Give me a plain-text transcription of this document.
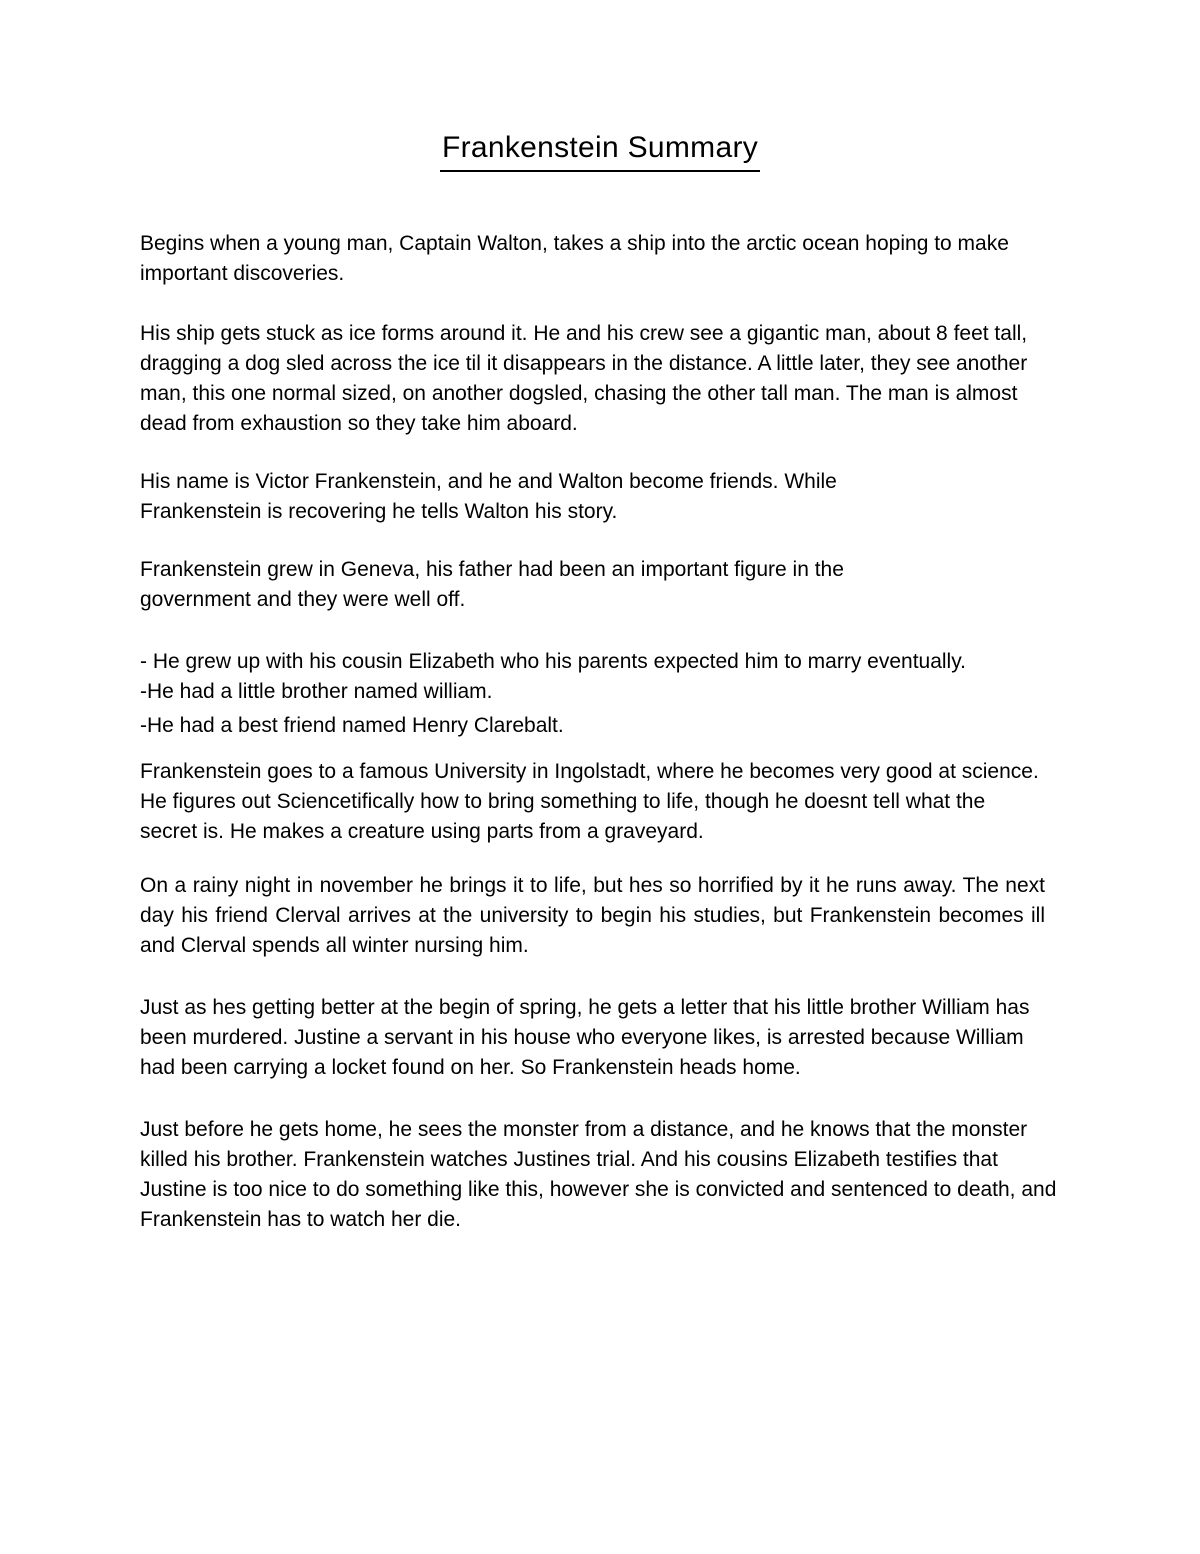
Frankenstein Summary

Begins when a young man, Captain Walton, takes a ship into the arctic ocean hoping to make important discoveries.

His ship gets stuck as ice forms around it. He and his crew see a gigantic man, about 8 feet tall, dragging a dog sled across the ice til it disappears in the distance. A little later, they see another man, this one normal sized, on another dogsled, chasing the other tall man. The man is almost dead from exhaustion so they take him aboard.

His name is Victor Frankenstein, and he and Walton become friends. While Frankenstein is recovering he tells Walton his story.

Frankenstein grew in Geneva, his father had been an important figure in the government and they were well off.

- He grew up with his cousin Elizabeth who his parents expected him to marry eventually.

-He had a little brother named william.

-He had a best friend named Henry Clarebalt.

Frankenstein goes to a famous University in Ingolstadt, where he becomes very good at science. He figures out Sciencetifically how to bring something to life, though he doesnt tell what the secret is. He makes a creature using parts from a graveyard.

On a rainy night in november he brings it to life, but hes so horrified by it he runs away. The next day his friend Clerval arrives at the university to begin his studies, but Frankenstein becomes ill and Clerval spends all winter nursing him.

Just as hes getting better at the begin of spring, he gets a letter that his little brother William has been murdered. Justine a servant in his house who everyone likes, is arrested because William had been carrying a locket found on her. So Frankenstein heads home.

Just before he gets home, he sees the monster from a distance, and he knows that the monster killed his brother. Frankenstein watches Justines trial. And his cousins Elizabeth testifies that Justine is too nice to do something like this, however she is convicted and sentenced to death, and Frankenstein has to watch her die.
